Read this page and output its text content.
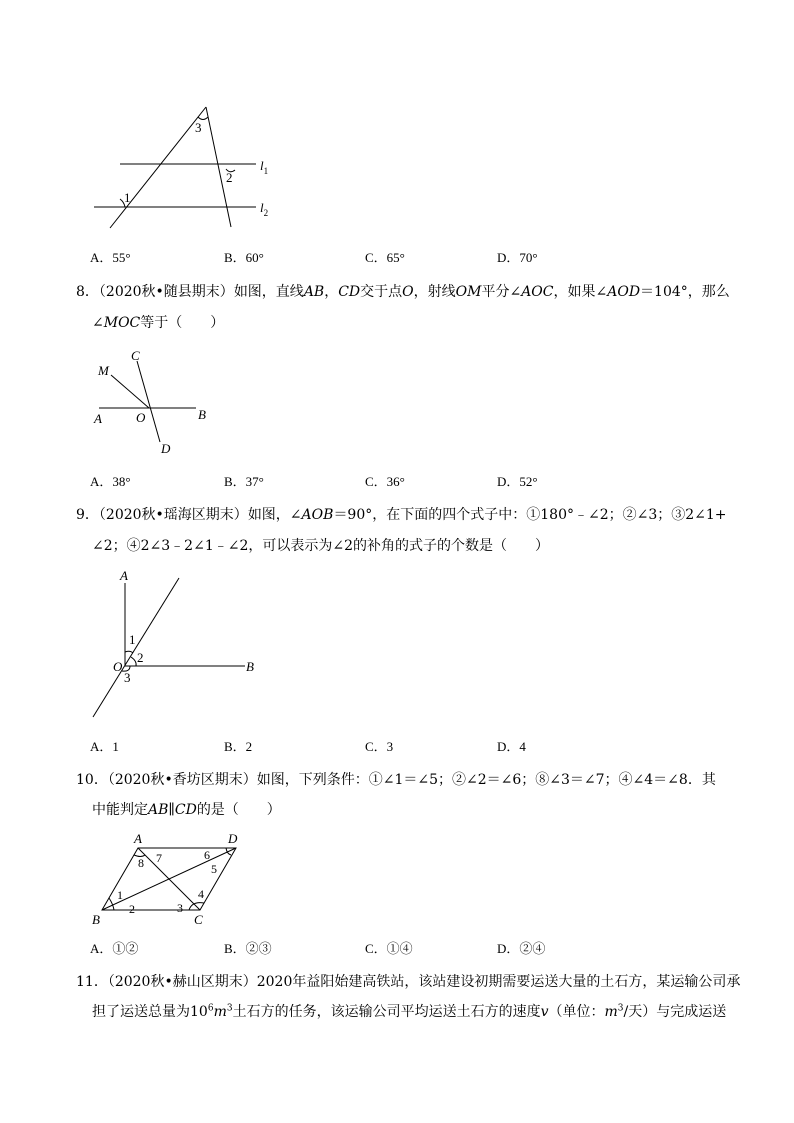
3
2
1
$l_1$
$l_2$
A．55°	B．60°	C．65°	D．70°
8．（2020秋•随县期末）如图，直线AB，CD交于点O，射线OM平分∠AOC，如果∠AOD＝104°，那么
∠MOC等于（　　）
C
M
A	O	B
D
A．38°	B．37°	C．36°	D．52°
9．（2020秋•瑶海区期末）如图，∠AOB＝90°，在下面的四个式子中：①180°﹣∠2；②∠3；③2∠1+
∠2；④2∠3﹣2∠1﹣∠2，可以表示为∠2的补角的式子的个数是（　　）
A
1
O
2
3
B
A．1	B．2	C．3	D．4
10．（2020秋•香坊区期末）如图，下列条件：①∠1＝∠5；②∠2＝∠6；⑧∠3＝∠7；④∠4＝∠8．其
中能判定AB∥CD的是（　　）
A	D
B	C
8 7	6
5
1
2	3
4
A．①②	B．②③	C．①④	D．②④
11．（2020秋•赫山区期末）2020年益阳始建高铁站，该站建设初期需要运送大量的土石方，某运输公司承
担了运送总量为$10^6m^3$土石方的任务，该运输公司平均运送土石方的速度v（单位：$m^3/$天）与完成运送
